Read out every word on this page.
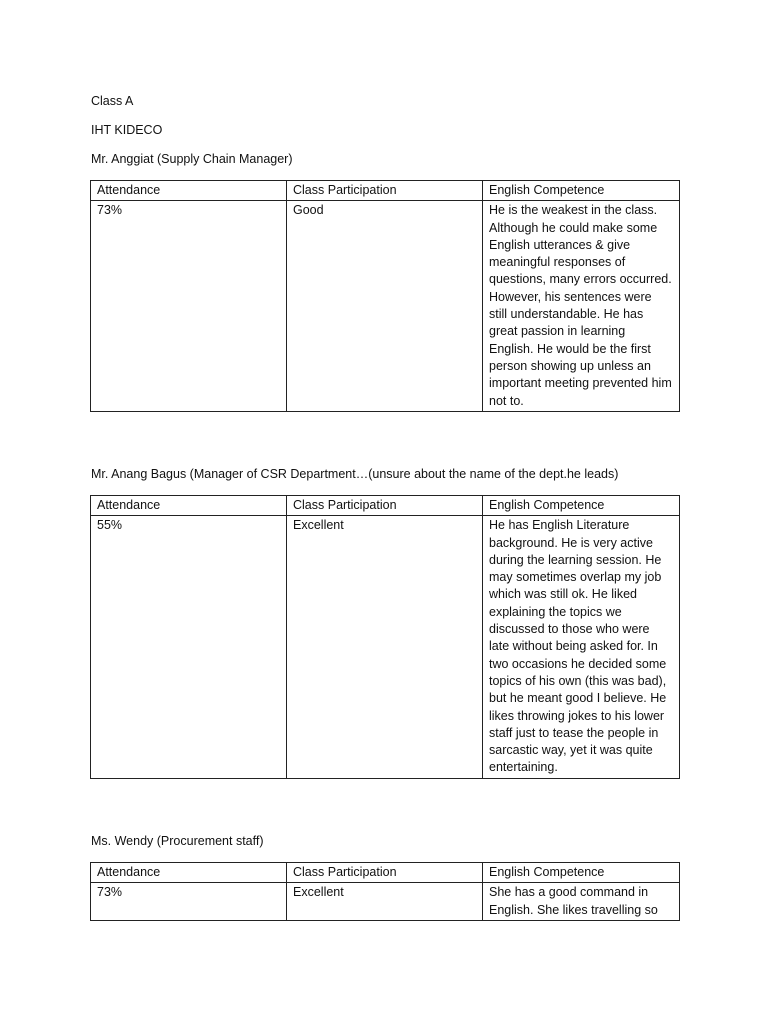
Class A
IHT KIDECO
Mr. Anggiat (Supply Chain Manager)
Attendance	Class Participation	English Competence
73%	Good	He is the weakest in the class. Although he could make some English utterances & give meaningful responses of questions, many errors occurred. However, his sentences were still understandable. He has great passion in learning English. He would be the first person showing up unless an important meeting prevented him not to.
Mr. Anang Bagus (Manager of CSR Department…(unsure about the name of the dept.he leads)
Attendance	Class Participation	English Competence
55%	Excellent	He has English Literature background. He is very active during the learning session. He may sometimes overlap my job which was still ok. He liked explaining the topics we discussed to those who were late without being asked for. In two occasions he decided some topics of his own (this was bad), but he meant good I believe. He likes throwing jokes to his lower staff just to tease the people in sarcastic way, yet it was quite entertaining.
Ms. Wendy (Procurement staff)
Attendance	Class Participation	English Competence
73%	Excellent	She has a good command in English. She likes travelling so
